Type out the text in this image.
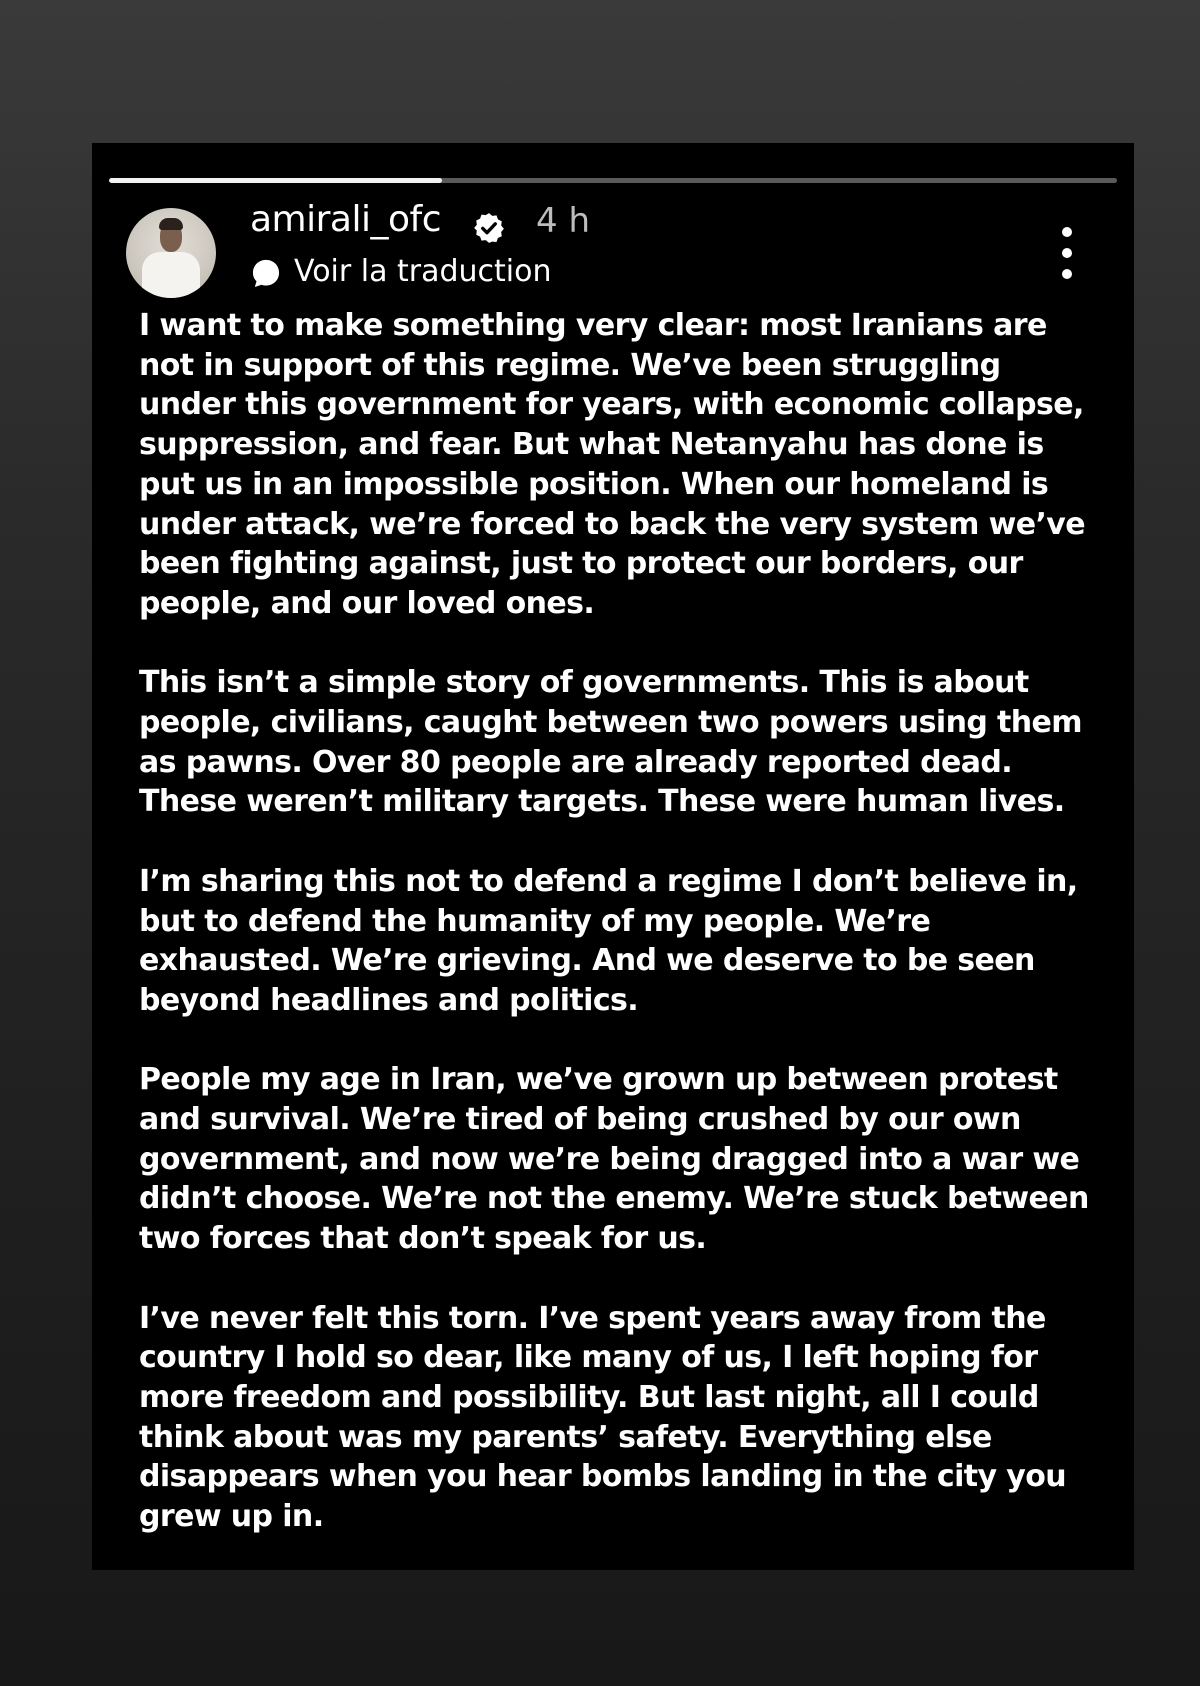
amirali_ofc	4 h
Voir la traduction

I want to make something very clear: most Iranians are not in support of this regime. We’ve been struggling under this government for years, with economic collapse, suppression, and fear. But what Netanyahu has done is put us in an impossible position. When our homeland is under attack, we’re forced to back the very system we’ve been fighting against, just to protect our borders, our people, and our loved ones.

This isn’t a simple story of governments. This is about people, civilians, caught between two powers using them as pawns. Over 80 people are already reported dead. These weren’t military targets. These were human lives.

I’m sharing this not to defend a regime I don’t believe in, but to defend the humanity of my people. We’re exhausted. We’re grieving. And we deserve to be seen beyond headlines and politics.

People my age in Iran, we’ve grown up between protest and survival. We’re tired of being crushed by our own government, and now we’re being dragged into a war we didn’t choose. We’re not the enemy. We’re stuck between two forces that don’t speak for us.

I’ve never felt this torn. I’ve spent years away from the country I hold so dear, like many of us, I left hoping for more freedom and possibility. But last night, all I could think about was my parents’ safety. Everything else disappears when you hear bombs landing in the city you grew up in.
